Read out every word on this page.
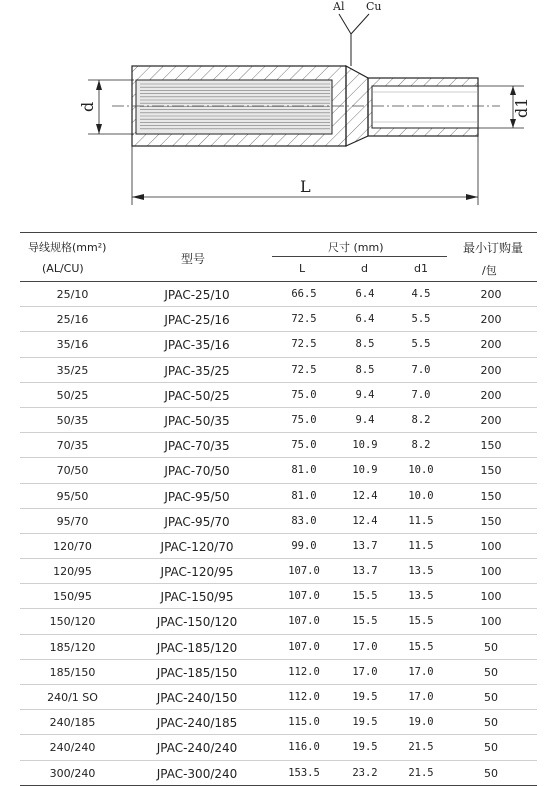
Al Cu
d	d1
L
导线规格(mm²)
(AL/CU)
型号
尺寸 (mm)
L	d	d1
最小订购量
/包
25/10	JPAC-25/10	66.5	6.4	4.5	200
25/16	JPAC-25/16	72.5	6.4	5.5	200
35/16	JPAC-35/16	72.5	8.5	5.5	200
35/25	JPAC-35/25	72.5	8.5	7.0	200
50/25	JPAC-50/25	75.0	9.4	7.0	200
50/35	JPAC-50/35	75.0	9.4	8.2	200
70/35	JPAC-70/35	75.0	10.9	8.2	150
70/50	JPAC-70/50	81.0	10.9	10.0	150
95/50	JPAC-95/50	81.0	12.4	10.0	150
95/70	JPAC-95/70	83.0	12.4	11.5	150
120/70	JPAC-120/70	99.0	13.7	11.5	100
120/95	JPAC-120/95	107.0	13.7	13.5	100
150/95	JPAC-150/95	107.0	15.5	13.5	100
150/120	JPAC-150/120	107.0	15.5	15.5	100
185/120	JPAC-185/120	107.0	17.0	15.5	50
185/150	JPAC-185/150	112.0	17.0	17.0	50
240/1 SO	JPAC-240/150	112.0	19.5	17.0	50
240/185	JPAC-240/185	115.0	19.5	19.0	50
240/240	JPAC-240/240	116.0	19.5	21.5	50
300/240	JPAC-300/240	153.5	23.2	21.5	50
